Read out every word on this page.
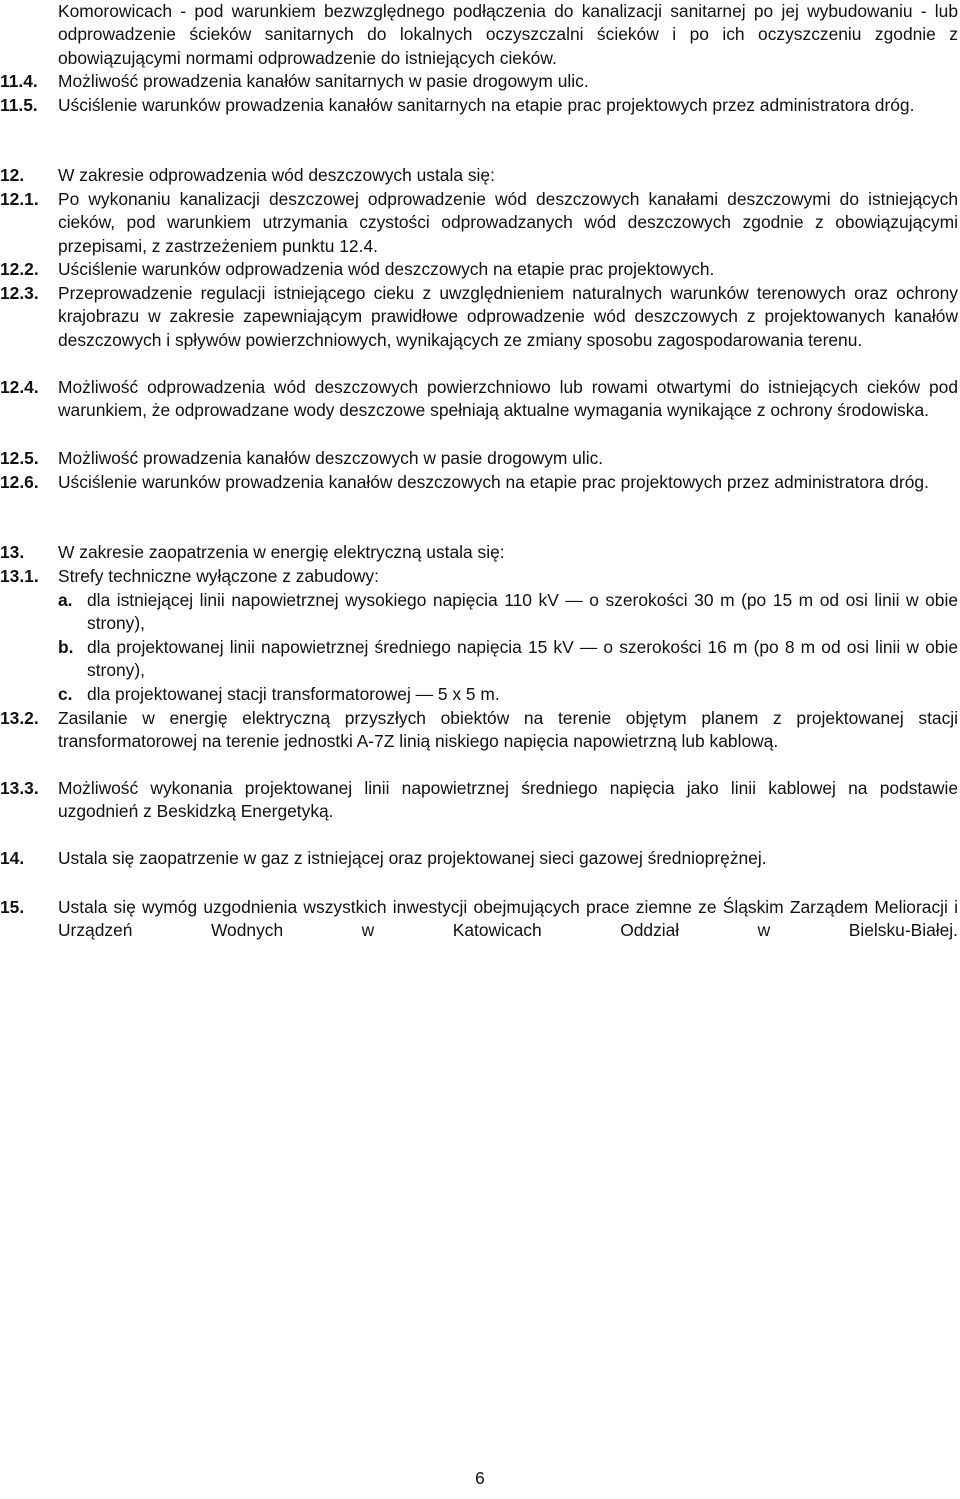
Komorowicach - pod warunkiem bezwzględnego podłączenia do kanalizacji sanitarnej po jej wybudowaniu - lub odprowadzenie ścieków sanitarnych do lokalnych oczyszczalni ścieków i po ich oczyszczeniu zgodnie z obowiązującymi normami odprowadzenie do istniejących cieków.
11.4.	Możliwość prowadzenia kanałów sanitarnych w pasie drogowym ulic.
11.5.	Uściślenie warunków prowadzenia kanałów sanitarnych na etapie prac projektowych przez administratora dróg.
12.	W zakresie odprowadzenia wód deszczowych ustala się:
12.1.	Po wykonaniu kanalizacji deszczowej odprowadzenie wód deszczowych kanałami deszczowymi do istniejących cieków, pod warunkiem utrzymania czystości odprowadzanych wód deszczowych zgodnie z obowiązującymi przepisami, z zastrzeżeniem punktu 12.4.
12.2.	Uściślenie warunków odprowadzenia wód deszczowych na etapie prac projektowych.
12.3.	Przeprowadzenie regulacji istniejącego cieku z uwzględnieniem naturalnych warunków terenowych oraz ochrony krajobrazu w zakresie zapewniającym prawidłowe odprowadzenie wód deszczowych z projektowanych kanałów deszczowych i spływów powierzchniowych, wynikających ze zmiany sposobu zagospodarowania terenu.
12.4.	Możliwość odprowadzenia wód deszczowych powierzchniowo lub rowami otwartymi do istniejących cieków pod warunkiem, że odprowadzane wody deszczowe spełniają aktualne wymagania wynikające z ochrony środowiska.
12.5.	Możliwość prowadzenia kanałów deszczowych w pasie drogowym ulic.
12.6.	Uściślenie warunków prowadzenia kanałów deszczowych na etapie prac projektowych przez administratora dróg.
13.	W zakresie zaopatrzenia w energię elektryczną ustala się:
13.1.	Strefy techniczne wyłączone z zabudowy:
a. dla istniejącej linii napowietrznej wysokiego napięcia 110 kV — o szerokości 30 m (po 15 m od osi linii w obie strony),
b. dla projektowanej linii napowietrznej średniego napięcia 15 kV — o szerokości 16 m (po 8 m od osi linii w obie strony),
c. dla projektowanej stacji transformatorowej — 5 x 5 m.
13.2.	Zasilanie w energię elektryczną przyszłych obiektów na terenie objętym planem z projektowanej stacji transformatorowej na terenie jednostki A-7Z linią niskiego napięcia napowietrzną lub kablową.
13.3.	Możliwość wykonania projektowanej linii napowietrznej średniego napięcia jako linii kablowej na podstawie uzgodnień z Beskidzką Energetyką.
14.	Ustala się zaopatrzenie w gaz z istniejącej oraz projektowanej sieci gazowej średnioprężnej.
15.	Ustala się wymóg uzgodnienia wszystkich inwestycji obejmujących prace ziemne ze Śląskim Zarządem Melioracji i Urządzeń Wodnych w Katowicach Oddział w Bielsku-Białej.
6
